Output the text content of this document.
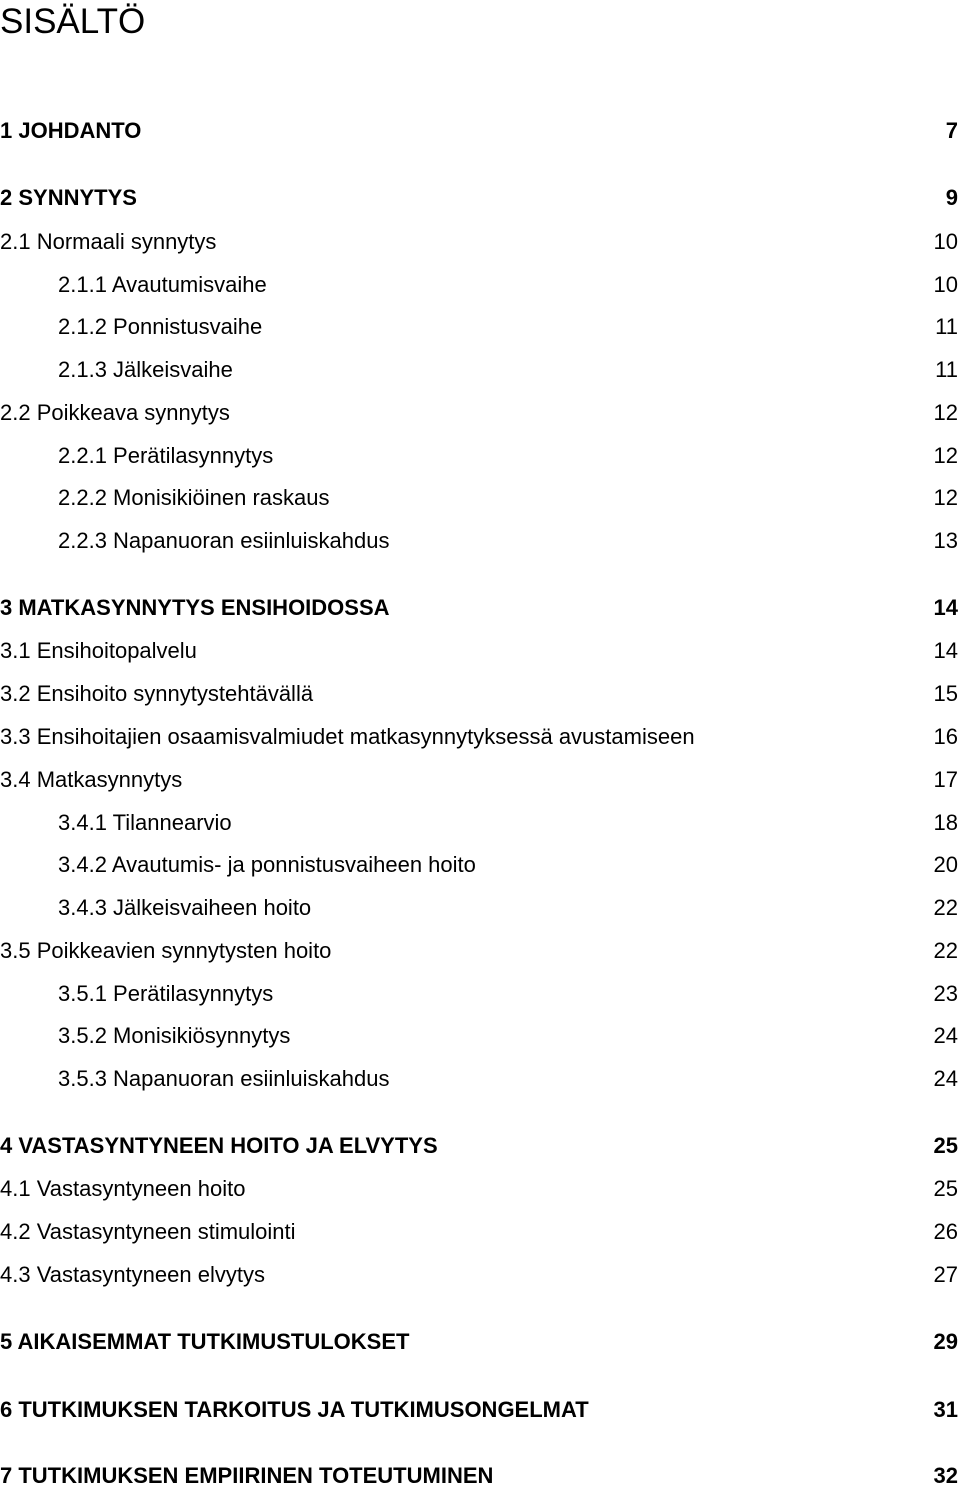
SISÄLTÖ
1 JOHDANTO	7
2 SYNNYTYS	9
2.1 Normaali synnytys	10
2.1.1 Avautumisvaihe	10
2.1.2 Ponnistusvaihe	11
2.1.3 Jälkeisvaihe	11
2.2 Poikkeava synnytys	12
2.2.1 Perätilasynnytys	12
2.2.2 Monisikiöinen raskaus	12
2.2.3 Napanuoran esiinluiskahdus	13
3 MATKASYNNYTYS ENSIHOIDOSSA	14
3.1 Ensihoitopalvelu	14
3.2 Ensihoito synnytystehtävällä	15
3.3 Ensihoitajien osaamisvalmiudet matkasynnytyksessä avustamiseen	16
3.4 Matkasynnytys	17
3.4.1 Tilannearvio	18
3.4.2 Avautumis- ja ponnistusvaiheen hoito	20
3.4.3 Jälkeisvaiheen hoito	22
3.5 Poikkeavien synnytysten hoito	22
3.5.1 Perätilasynnytys	23
3.5.2 Monisikiösynnytys	24
3.5.3 Napanuoran esiinluiskahdus	24
4 VASTASYNTYNEEN HOITO JA ELVYTYS	25
4.1 Vastasyntyneen hoito	25
4.2 Vastasyntyneen stimulointi	26
4.3 Vastasyntyneen elvytys	27
5 AIKAISEMMAT TUTKIMUSTULOKSET	29
6 TUTKIMUKSEN TARKOITUS JA TUTKIMUSONGELMAT	31
7 TUTKIMUKSEN EMPIIRINEN TOTEUTUMINEN	32
